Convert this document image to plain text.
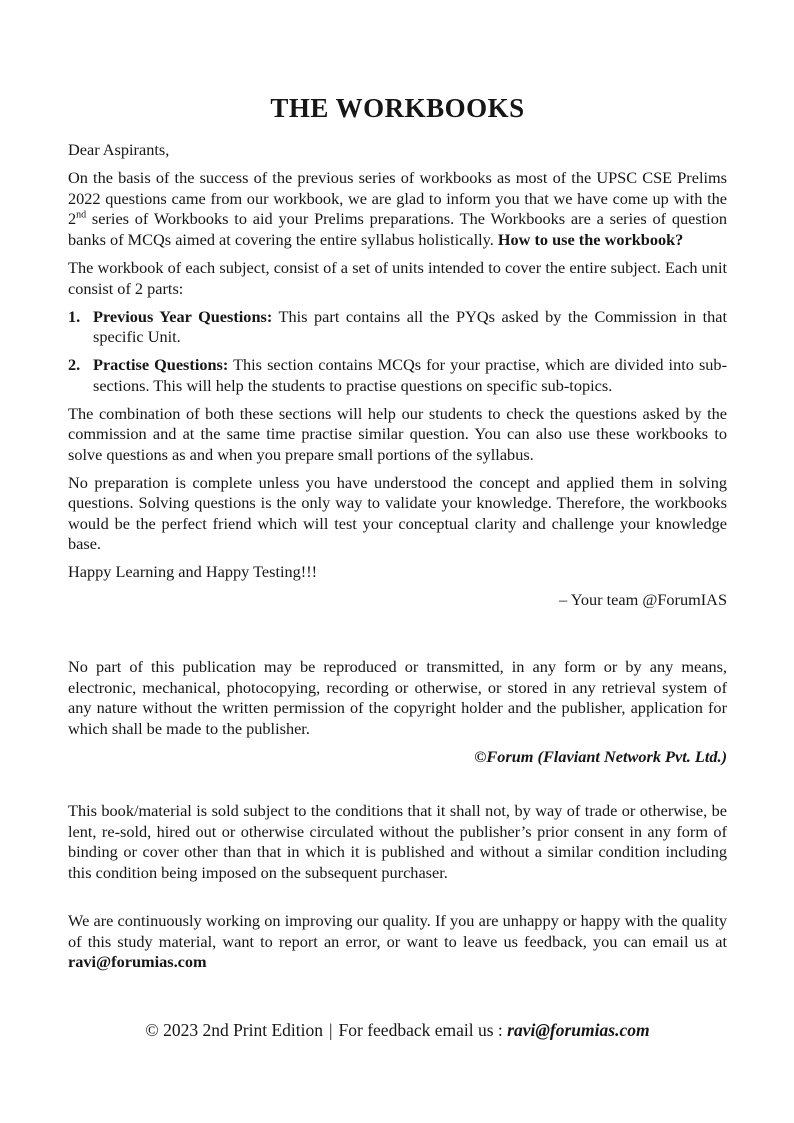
THE WORKBOOKS

Dear Aspirants,

On the basis of the success of the previous series of workbooks as most of the UPSC CSE Prelims 2022 questions came from our workbook, we are glad to inform you that we have come up with the 2nd series of Workbooks to aid your Prelims preparations. The Workbooks are a series of question banks of MCQs aimed at covering the entire syllabus holistically. How to use the workbook?

The workbook of each subject, consist of a set of units intended to cover the entire subject. Each unit consist of 2 parts:

1. Previous Year Questions: This part contains all the PYQs asked by the Commission in that specific Unit.
2. Practise Questions: This section contains MCQs for your practise, which are divided into sub-sections. This will help the students to practise questions on specific sub-topics.

The combination of both these sections will help our students to check the questions asked by the commission and at the same time practise similar question. You can also use these workbooks to solve questions as and when you prepare small portions of the syllabus.

No preparation is complete unless you have understood the concept and applied them in solving questions. Solving questions is the only way to validate your knowledge. Therefore, the workbooks would be the perfect friend which will test your conceptual clarity and challenge your knowledge base.

Happy Learning and Happy Testing!!!

– Your team @ForumIAS

No part of this publication may be reproduced or transmitted, in any form or by any means, electronic, mechanical, photocopying, recording or otherwise, or stored in any retrieval system of any nature without the written permission of the copyright holder and the publisher, application for which shall be made to the publisher.

©Forum (Flaviant Network Pvt. Ltd.)

This book/material is sold subject to the conditions that it shall not, by way of trade or otherwise, be lent, re-sold, hired out or otherwise circulated without the publisher’s prior consent in any form of binding or cover other than that in which it is published and without a similar condition including this condition being imposed on the subsequent purchaser.

We are continuously working on improving our quality. If you are unhappy or happy with the quality of this study material, want to report an error, or want to leave us feedback, you can email us at ravi@forumias.com

© 2023 2nd Print Edition | For feedback email us : ravi@forumias.com
